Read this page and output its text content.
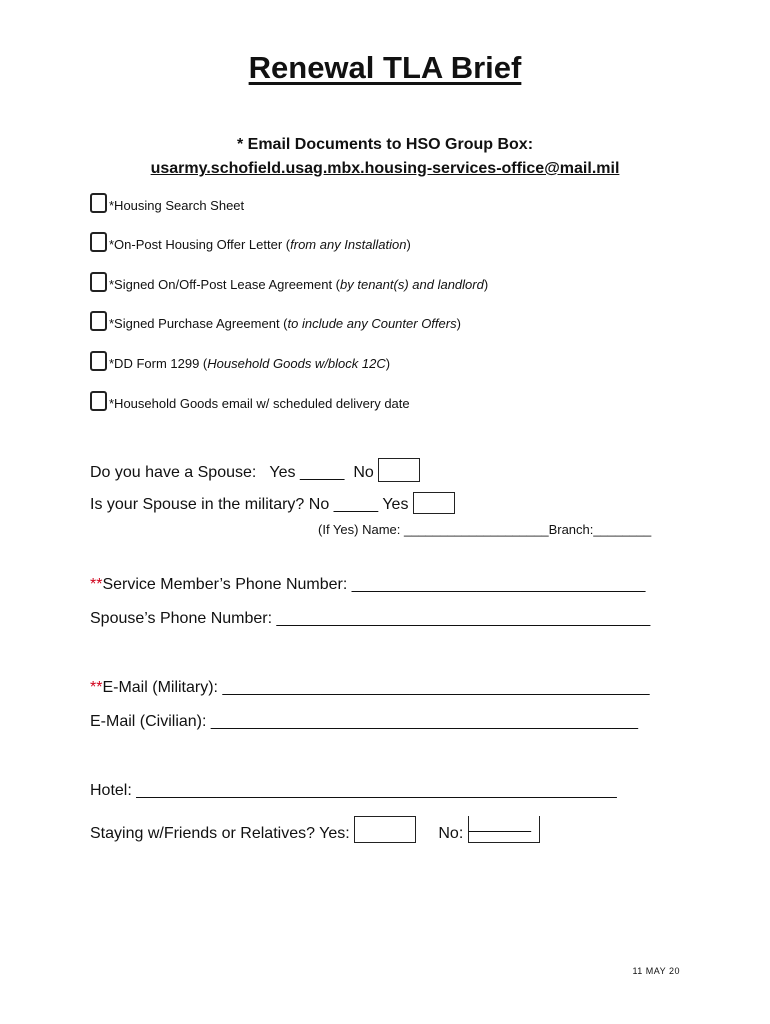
Renewal TLA Brief
* Email Documents to HSO Group Box:
usarmy.schofield.usag.mbx.housing-services-office@mail.mil
*Housing Search Sheet
*On-Post Housing Offer Letter ( from any Installation )
*Signed On/Off-Post Lease Agreement ( by tenant(s) and landlord )
*Signed Purchase Agreement ( to include any Counter Offers )
*DD Form 1299 ( Household Goods w/block 12C )
*Household Goods email w/ scheduled delivery date
Do you have a Spouse: Yes _____ No
Is your Spouse in the military? No _____ Yes
(If Yes) Name: ____________________Branch:________
**Service Member’s Phone Number: _________________________________
Spouse’s Phone Number: __________________________________________
**E-Mail (Military): ________________________________________________
E-Mail (Civilian): ________________________________________________
Hotel: ______________________________________________________
Staying w/Friends or Relatives? Yes:	No: _______
11 MAY 20
